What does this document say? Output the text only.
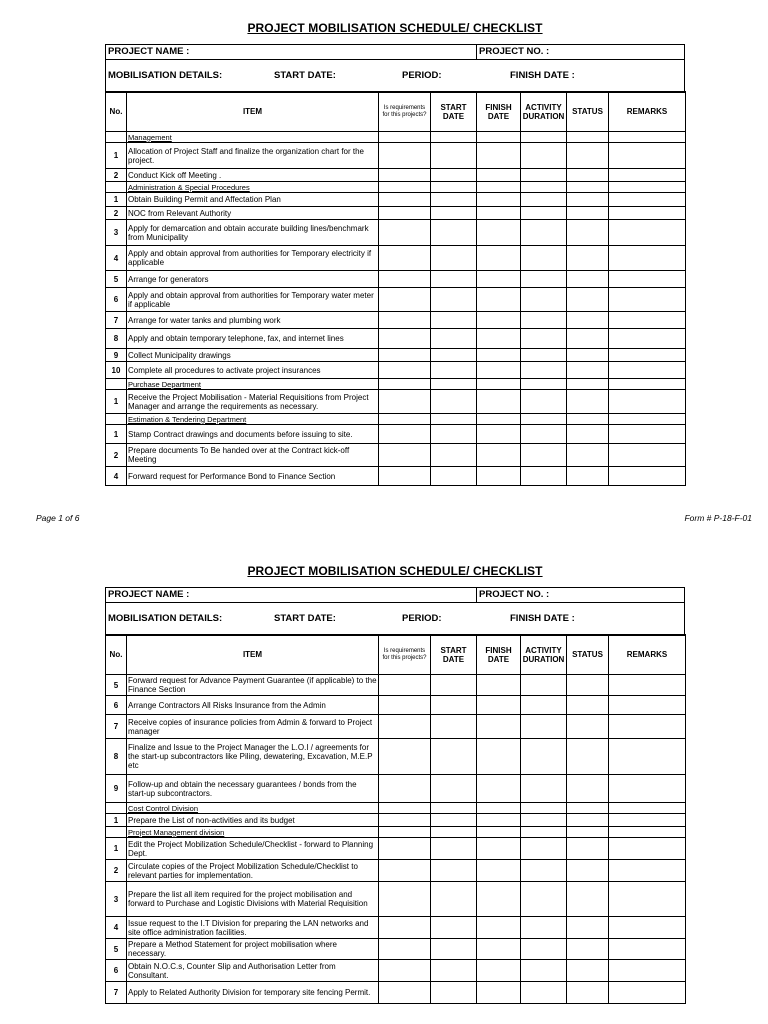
PROJECT MOBILISATION SCHEDULE/ CHECKLIST
PROJECT NAME :	PROJECT NO. :
MOBILISATION DETAILS:	START DATE:	PERIOD:	FINISH DATE :
No.	ITEM	Is requirements for this projects?	START DATE	FINISH DATE	ACTIVITY DURATION	STATUS	REMARKS
	Management						
1	Allocation of Project Staff and finalize the organization chart for the project.						
2	Conduct Kick off Meeting .						
	Administration & Special Procedures						
1	Obtain Building Permit and Affectation Plan						
2	NOC from Relevant Authority						
3	Apply for demarcation and obtain accurate building lines/benchmark from Municipality						
4	Apply and obtain approval from authorities for Temporary electricity if applicable						
5	Arrange for generators						
6	Apply and obtain approval from authorities for Temporary water meter if applicable						
7	Arrange for water tanks and plumbing work						
8	Apply and obtain temporary telephone, fax, and internet lines						
9	Collect Municipality drawings						
10	Complete all procedures to activate project insurances						
	Purchase Department						
1	Receive the Project Mobilisation - Material Requisitions from Project Manager and arrange the requirements as necessary.						
	Estimation & Tendering Department						
1	Stamp Contract drawings and documents before issuing to site.						
2	Prepare documents To Be handed over at the Contract kick-off Meeting						
4	Forward request for Performance Bond to Finance Section						
Page 1 of 6	Form # P-18-F-01
PROJECT MOBILISATION SCHEDULE/ CHECKLIST
PROJECT NAME :	PROJECT NO. :
MOBILISATION DETAILS:	START DATE:	PERIOD:	FINISH DATE :
No.	ITEM	Is requirements for this projects?	START DATE	FINISH DATE	ACTIVITY DURATION	STATUS	REMARKS
5	Forward request for Advance Payment Guarantee (if applicable) to the Finance Section						
6	Arrange Contractors All Risks Insurance from the Admin						
7	Receive copies of insurance policies from Admin & forward to Project manager						
8	Finalize and Issue to the Project Manager the L.O.I / agreements for the start-up subcontractors like Piling, dewatering, Excavation, M.E.P etc						
9	Follow-up and obtain the necessary guarantees / bonds from the start-up subcontractors.						
	Cost Control Division						
1	Prepare the List of non-activities and its budget						
	Project Management division						
1	Edit the Project Mobilization Schedule/Checklist - forward to Planning Dept.						
2	Circulate copies of the Project Mobilization Schedule/Checklist to relevant parties for implementation.						
3	Prepare the list all item required for the project mobilisation and forward to Purchase and Logistic Divisions with Material Requisition						
4	Issue request to the I.T Division for preparing the LAN networks and site office administration facilities.						
5	Prepare a Method Statement for project mobilisation where necessary.						
6	Obtain N.O.C.s, Counter Slip and Authorisation Letter from Consultant.						
7	Apply to Related Authority Division for temporary site fencing Permit.						
